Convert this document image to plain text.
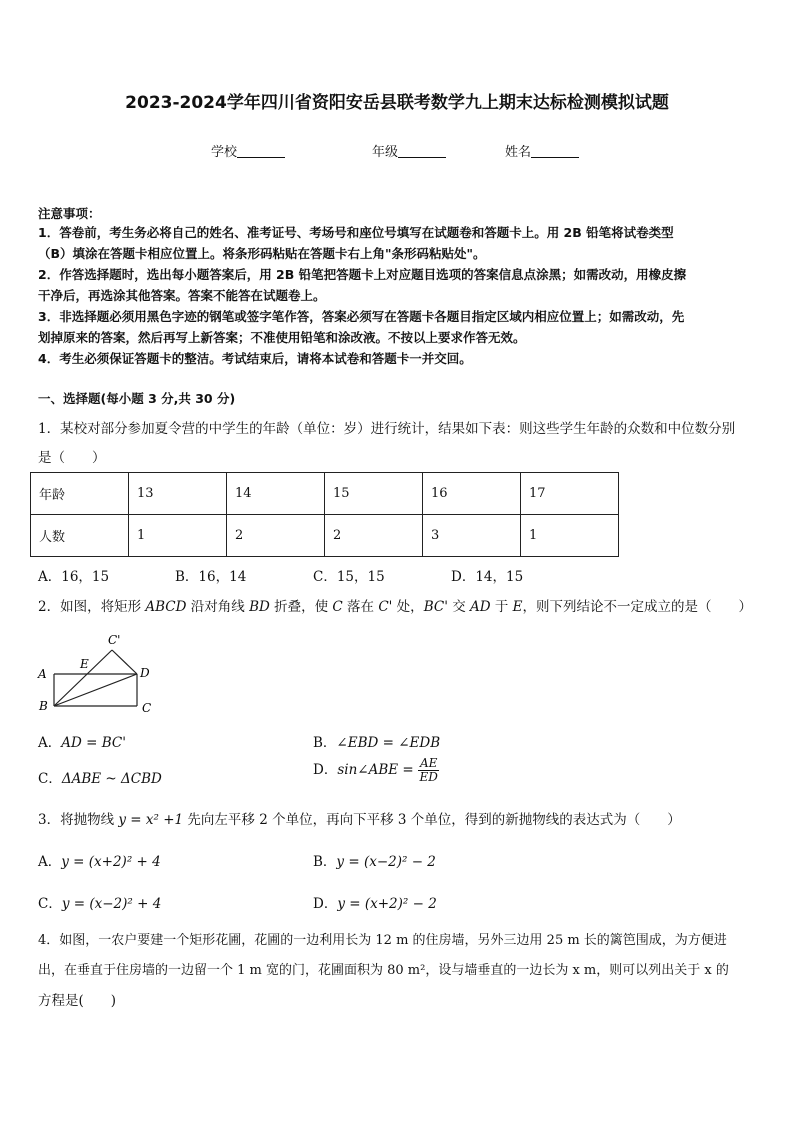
2023-2024学年四川省资阳安岳县联考数学九上期末达标检测模拟试题
学校	年级	姓名
注意事项：
1．答卷前，考生务必将自己的姓名、准考证号、考场号和座位号填写在试题卷和答题卡上。用 2B 铅笔将试卷类型
（B）填涂在答题卡相应位置上。将条形码粘贴在答题卡右上角"条形码粘贴处"。
2．作答选择题时，选出每小题答案后，用 2B 铅笔把答题卡上对应题目选项的答案信息点涂黑；如需改动，用橡皮擦
干净后，再选涂其他答案。答案不能答在试题卷上。
3．非选择题必须用黑色字迹的钢笔或签字笔作答，答案必须写在答题卡各题目指定区域内相应位置上；如需改动，先
划掉原来的答案，然后再写上新答案；不准使用铅笔和涂改液。不按以上要求作答无效。
4．考生必须保证答题卡的整洁。考试结束后，请将本试卷和答题卡一并交回。
一、选择题(每小题 3 分,共 30 分)
1．某校对部分参加夏令营的中学生的年龄（单位：岁）进行统计，结果如下表：则这些学生年龄的众数和中位数分别
是（　　）
年龄	13	14	15	16	17
人数	1	2	2	3	1
A．16，15	B．16，14	C．15，15	D．14，15
2．如图，将矩形 ABCD 沿对角线 BD 折叠，使 C 落在 C' 处，BC' 交 AD 于 E，则下列结论不一定成立的是（　　）
A
B	C
D
E
C'
A．AD = BC'	B．∠EBD = ∠EDB
C．ΔABE ~ ΔCBD
D．sin∠ABE = $\frac{AE}{ED}$
3．将抛物线 y = x² +1 先向左平移 2 个单位，再向下平移 3 个单位，得到的新抛物线的表达式为（　　）
A．y = (x+2)² + 4	B．y = (x−2)² − 2
C．y = (x−2)² + 4	D．y = (x+2)² − 2
4．如图，一农户要建一个矩形花圃，花圃的一边利用长为 12 m 的住房墙，另外三边用 25 m 长的篱笆围成，为方便进
出，在垂直于住房墙的一边留一个 1 m 宽的门，花圃面积为 80 m²，设与墙垂直的一边长为 x m，则可以列出关于 x 的
方程是(　　)
